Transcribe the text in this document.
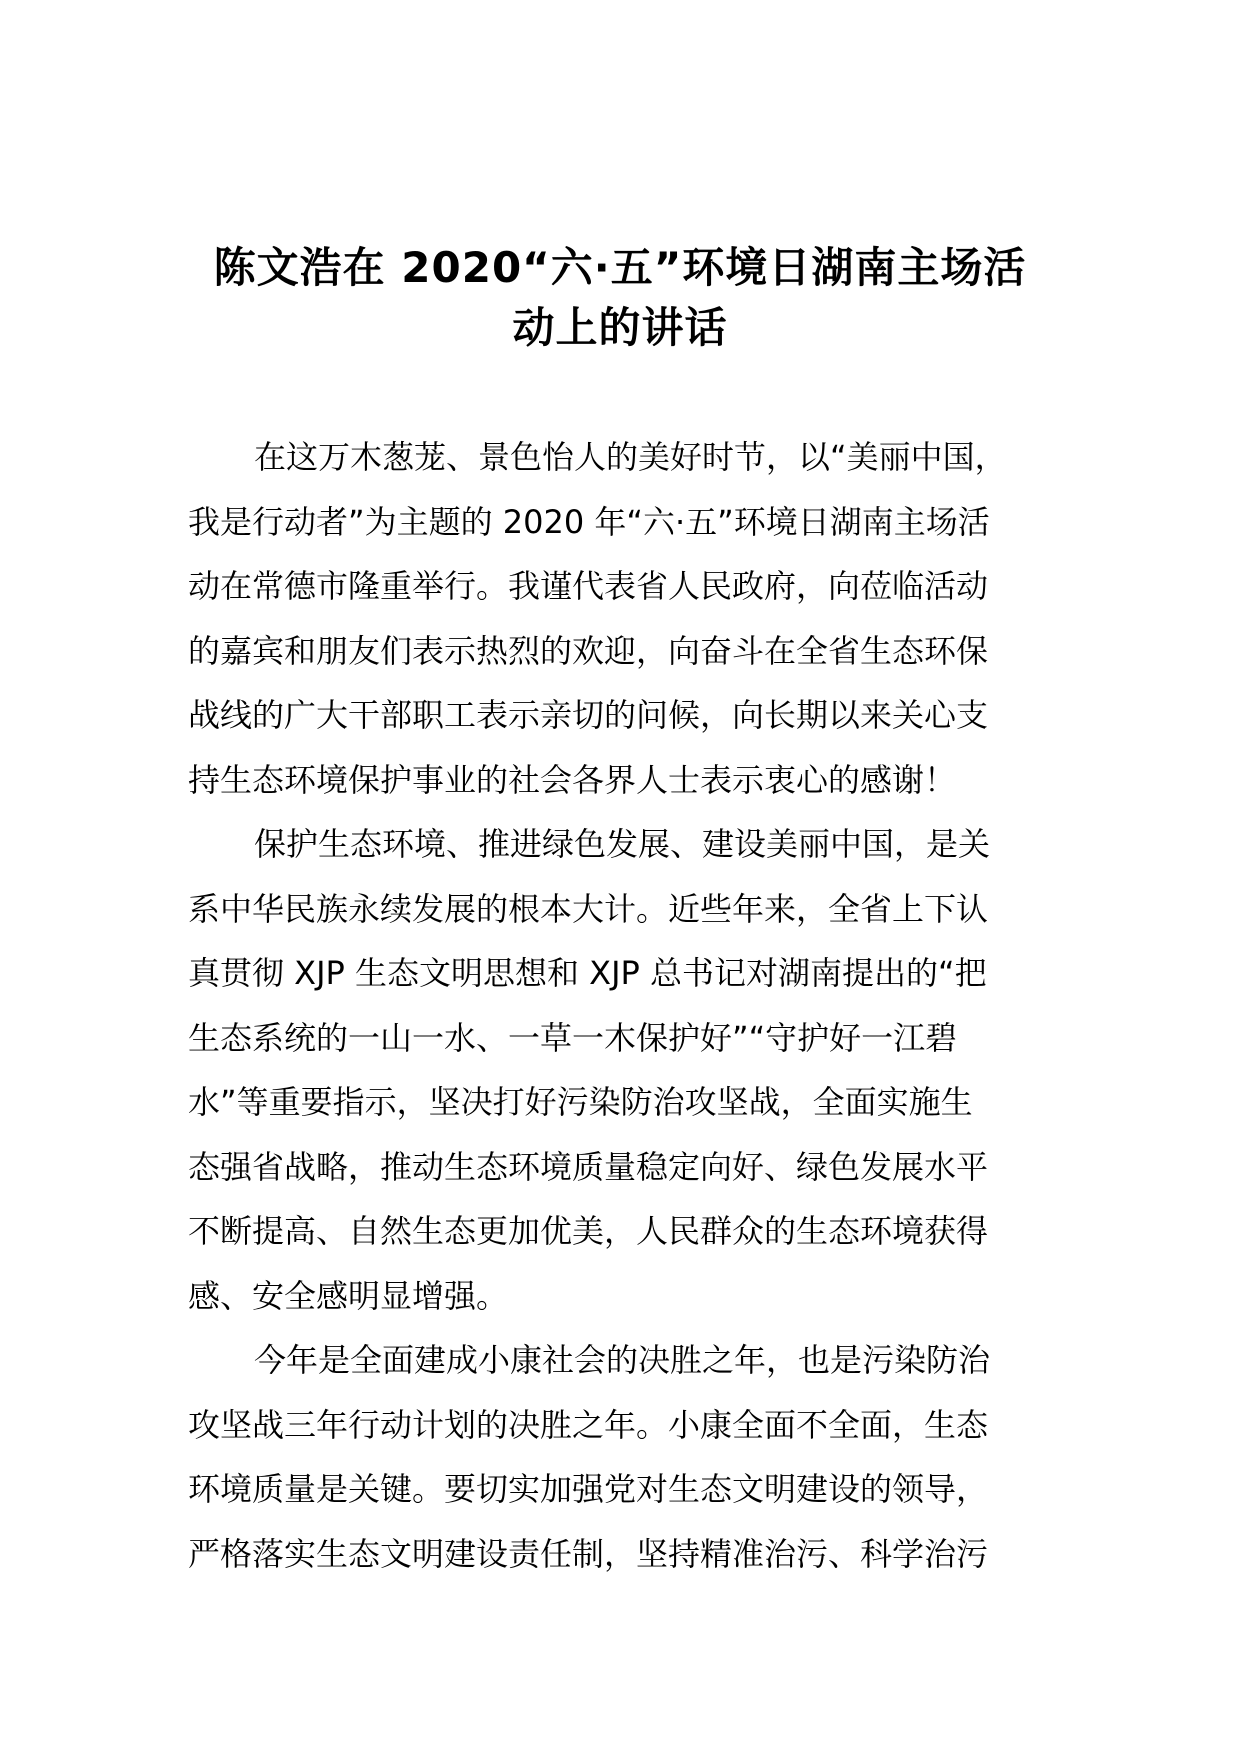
陈文浩在 2020“六·五”环境日湖南主场活
动上的讲话
在这万木葱茏、景色怡人的美好时节，以“美丽中国，
我是行动者”为主题的 2020 年“六·五”环境日湖南主场活
动在常德市隆重举行。我谨代表省人民政府，向莅临活动
的嘉宾和朋友们表示热烈的欢迎，向奋斗在全省生态环保
战线的广大干部职工表示亲切的问候，向长期以来关心支
持生态环境保护事业的社会各界人士表示衷心的感谢！
保护生态环境、推进绿色发展、建设美丽中国，是关
系中华民族永续发展的根本大计。近些年来，全省上下认
真贯彻 XJP 生态文明思想和 XJP 总书记对湖南提出的“把
生态系统的一山一水、一草一木保护好”“守护好一江碧
水”等重要指示，坚决打好污染防治攻坚战，全面实施生
态强省战略，推动生态环境质量稳定向好、绿色发展水平
不断提高、自然生态更加优美，人民群众的生态环境获得
感、安全感明显增强。
今年是全面建成小康社会的决胜之年，也是污染防治
攻坚战三年行动计划的决胜之年。小康全面不全面，生态
环境质量是关键。要切实加强党对生态文明建设的领导，
严格落实生态文明建设责任制，坚持精准治污、科学治污
